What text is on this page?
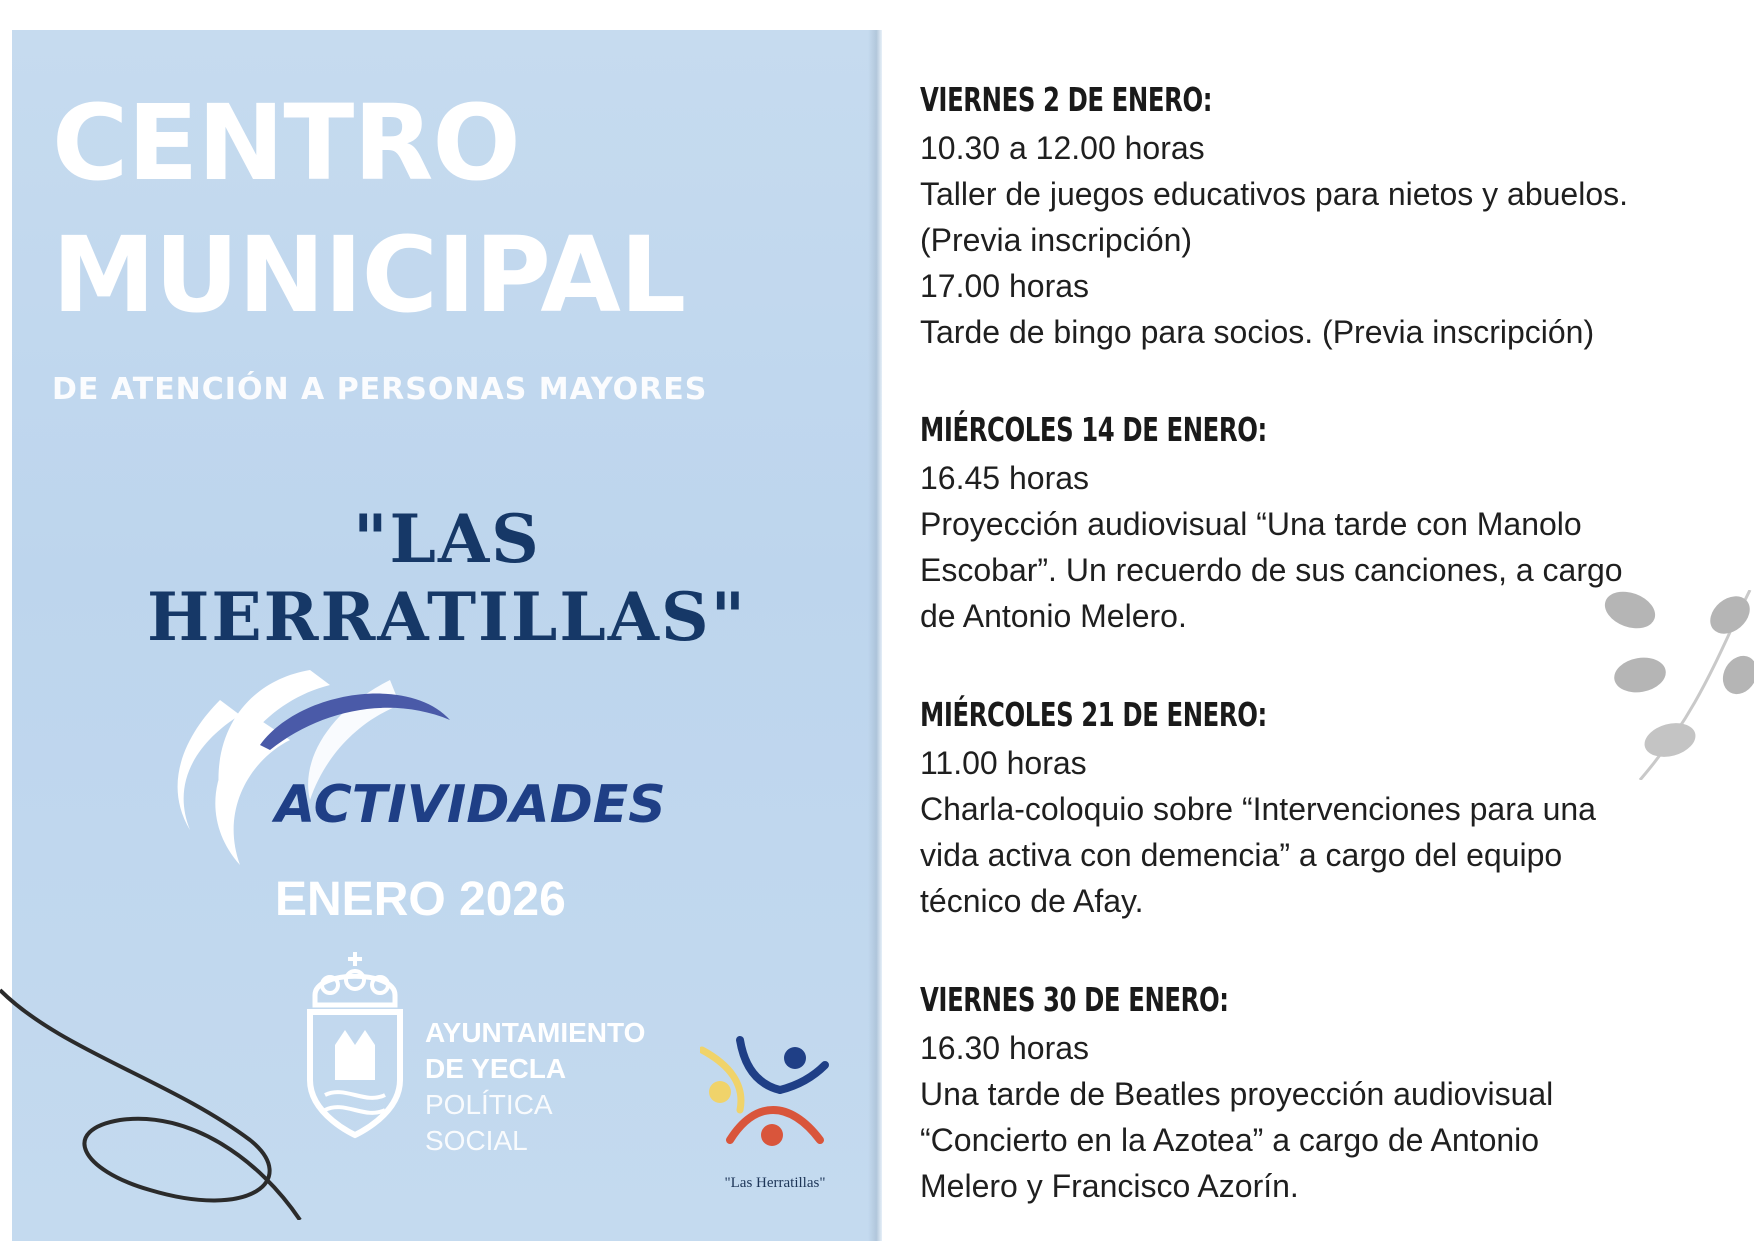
CENTRO
MUNICIPAL
DE ATENCIÓN A PERSONAS MAYORES
"LAS HERRATILLAS"
ACTIVIDADES
ENERO 2026
AYUNTAMIENTO
DE YECLA
POLÍTICA
SOCIAL
"Las Herratillas"
VIERNES 2 DE ENERO:
10.30 a 12.00 horas
Taller de juegos educativos para nietos y abuelos.
(Previa inscripción)
17.00 horas
Tarde de bingo para socios. (Previa inscripción)
MIÉRCOLES 14 DE ENERO:
16.45 horas
Proyección audiovisual “Una tarde con Manolo
Escobar”. Un recuerdo de sus canciones, a cargo
de Antonio Melero.
MIÉRCOLES 21 DE ENERO:
11.00 horas
Charla-coloquio sobre “Intervenciones para una
vida activa con demencia” a cargo del equipo
técnico de Afay.
VIERNES 30 DE ENERO:
16.30 horas
Una tarde de Beatles proyección audiovisual
“Concierto en la Azotea” a cargo de Antonio
Melero y Francisco Azorín.
